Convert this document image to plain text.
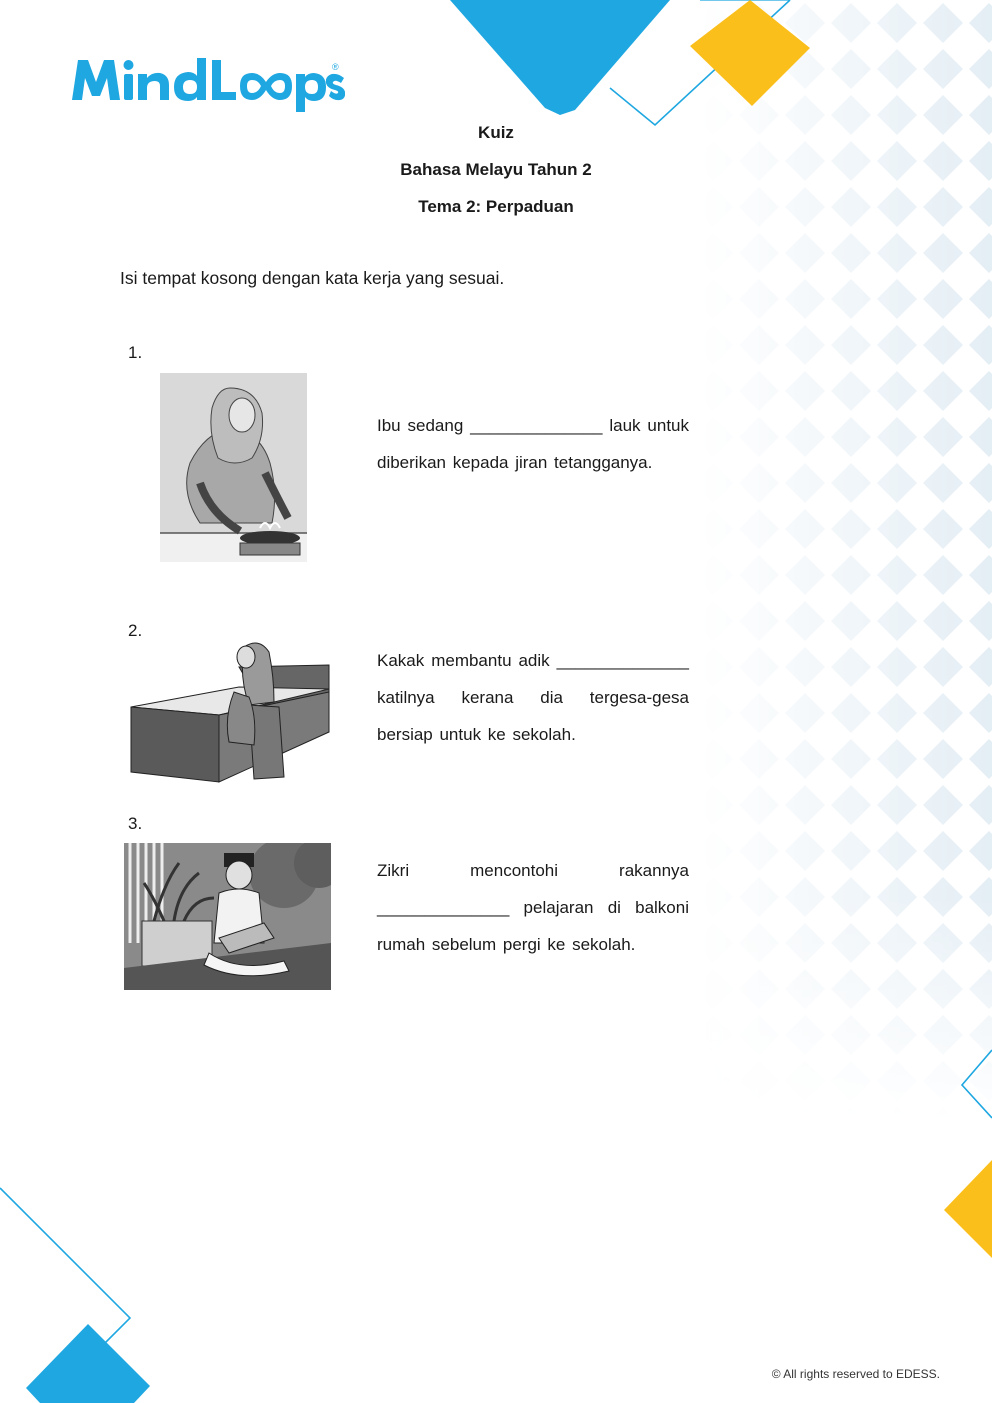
®
Kuiz
Bahasa Melayu Tahun 2
Tema 2: Perpaduan
Isi tempat kosong dengan kata kerja yang sesuai.
1.
Ibu sedang ______________ lauk untuk diberikan kepada jiran tetangganya.
2.
Kakak membantu adik ______________ katilnya kerana dia tergesa-gesa bersiap untuk ke sekolah.
3.
Zikri mencontohi rakannya ______________ pelajaran di balkoni rumah sebelum pergi ke sekolah.
© All rights reserved to EDESS.
